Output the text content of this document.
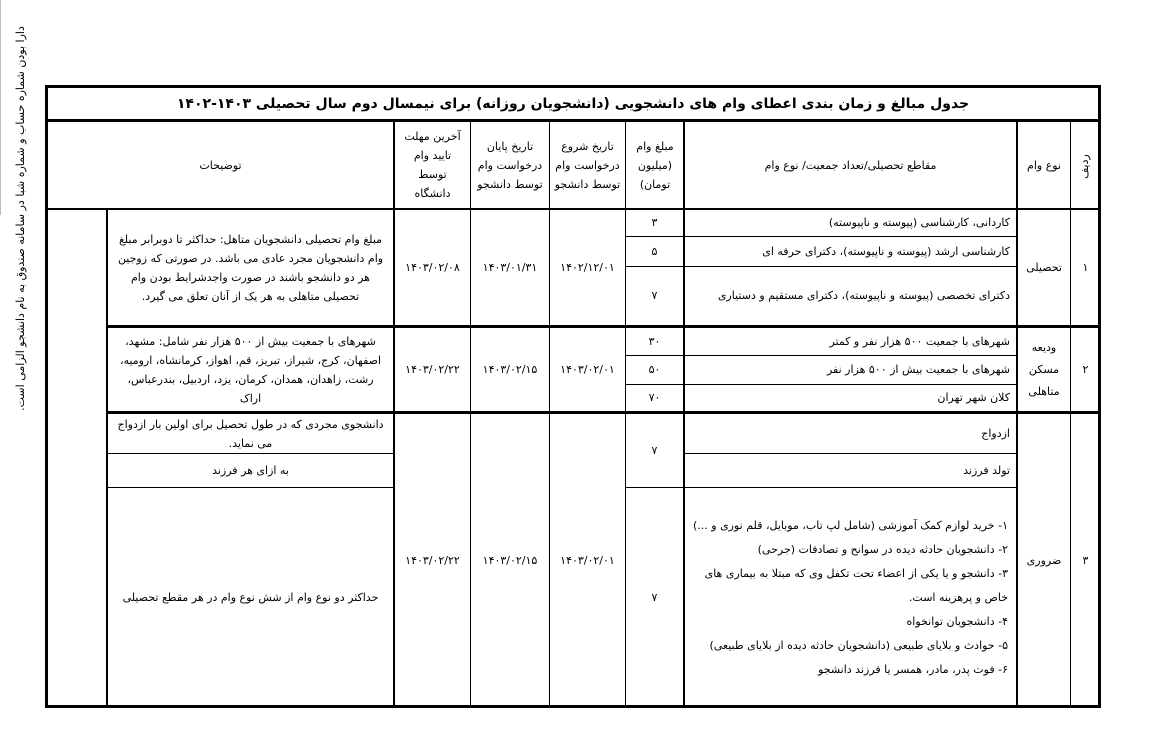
جدول مبالغ و زمان بندی اعطای وام های دانشجویی (دانشجویان روزانه) برای نیمسال دوم سال تحصیلی ۱۴۰۳-۱۴۰۲
ردیف
نوع وام
مقاطع تحصیلی/تعداد جمعیت/ نوع وام
مبلغ وام (میلیون تومان)
تاریخ شروع درخواست وام توسط دانشجو
تاریخ پایان درخواست وام توسط دانشجو
آخرین مهلت تایید وام توسط دانشگاه
توضیحات
دارا بودن شماره حساب و شماره شبا در سامانه صندوق به نام دانشجو الزامی است.	۱
تحصیلی
کاردانی، کارشناسی (پیوسته و ناپیوسته)
کارشناسی ارشد (پیوسته و ناپیوسته)، دکترای حرفه ای
دکترای تخصصی (پیوسته و ناپیوسته)، دکترای مستقیم و دستیاری
۳
۵
۷
۱۴۰۲/۱۲/۰۱
۱۴۰۳/۰۱/۳۱
۱۴۰۳/۰۲/۰۸
مبلغ وام تحصیلی دانشجویان متاهل: حداکثر تا دوبرابر مبلغ وام دانشجویان مجرد عادی می باشد. در صورتی که زوجین هر دو دانشجو باشند در صورت واجدشرایط بودن وام تحصیلی متاهلی به هر یک از آنان تعلق می گیرد.
۲
ودیعه مسکن متاهلی
شهرهای با جمعیت ۵۰۰ هزار نفر و کمتر
شهرهای با جمعیت بیش از ۵۰۰ هزار نفر
کلان شهر تهران
۳۰
۵۰
۷۰
۱۴۰۳/۰۲/۰۱
۱۴۰۳/۰۲/۱۵
۱۴۰۳/۰۲/۲۲
شهرهای با جمعیت بیش از ۵۰۰ هزار نفر شامل: مشهد، اصفهان، کرج، شیراز، تبریز، قم، اهواز، کرمانشاه، ارومیه، رشت، زاهدان، همدان، کرمان، یزد، اردبیل، بندرعباس، اراک
۳
ضروری
ازدواج
تولد فرزند
۷
۷
۱- خرید لوازم کمک آموزشی (شامل لپ تاب، موبایل، قلم نوری و ...)
۲- دانشجویان حادثه دیده در سوانح و تصادفات (جرحی)
۳- دانشجو و یا یکی از اعضاء تحت تکفل وی که مبتلا به بیماری های خاص و پرهزینه است.
۴- دانشجویان توانخواه
۵- حوادث و بلایای طبیعی (دانشجویان حادثه دیده از بلایای طبیعی)
۶- فوت پدر، مادر، همسر یا فرزند دانشجو
۱۴۰۳/۰۲/۰۱
۱۴۰۳/۰۲/۱۵
۱۴۰۳/۰۲/۲۲
دانشجوی مجردی که در طول تحصیل برای اولین بار ازدواج می نماید.
به ازای هر فرزند
حداکثر دو نوع وام از شش نوع وام در هر مقطع تحصیلی
